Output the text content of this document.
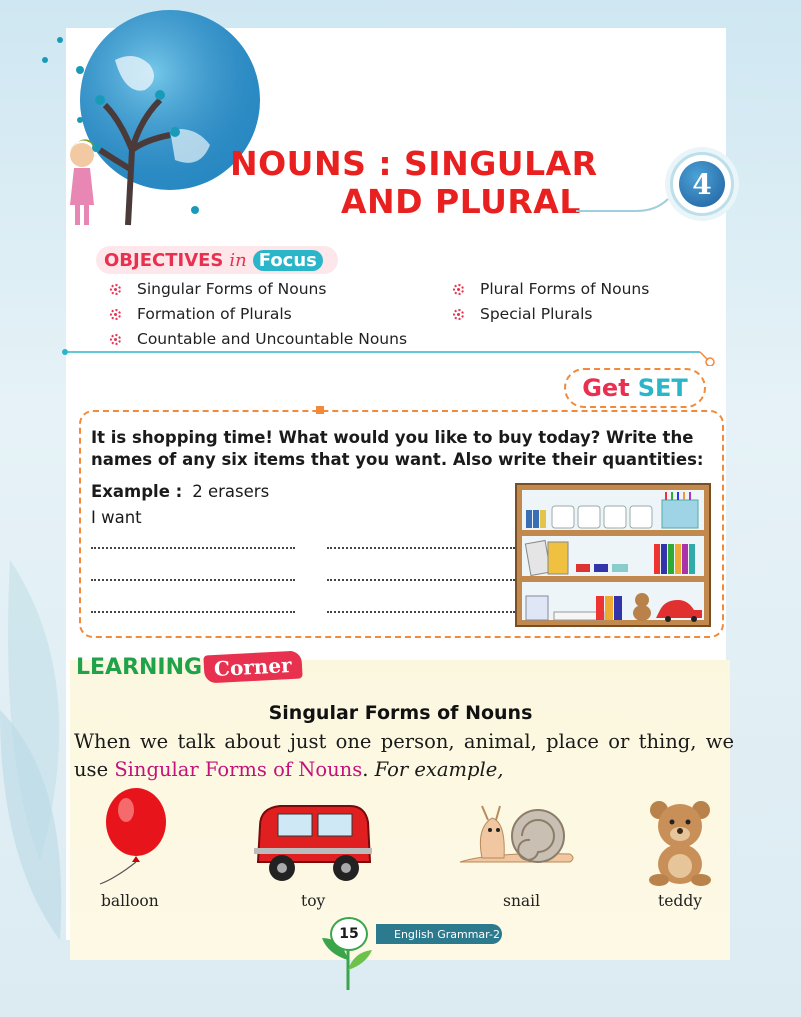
NOUNS : SINGULAR
AND PLURAL	4
OBJECTIVES in Focus
Singular Forms of Nouns	Plural Forms of Nouns
Formation of Plurals	Special Plurals
Countable and Uncountable Nouns
Get SET
It is shopping time! What would you like to buy today? Write the names of any six items that you want. Also write their quantities:
Example : 2 erasers
I want
LEARNING Corner
Singular Forms of Nouns
When we talk about just one person, animal, place or thing, we use Singular Forms of Nouns. For example,
balloon	toy	snail	teddy
English Grammar-2
15
